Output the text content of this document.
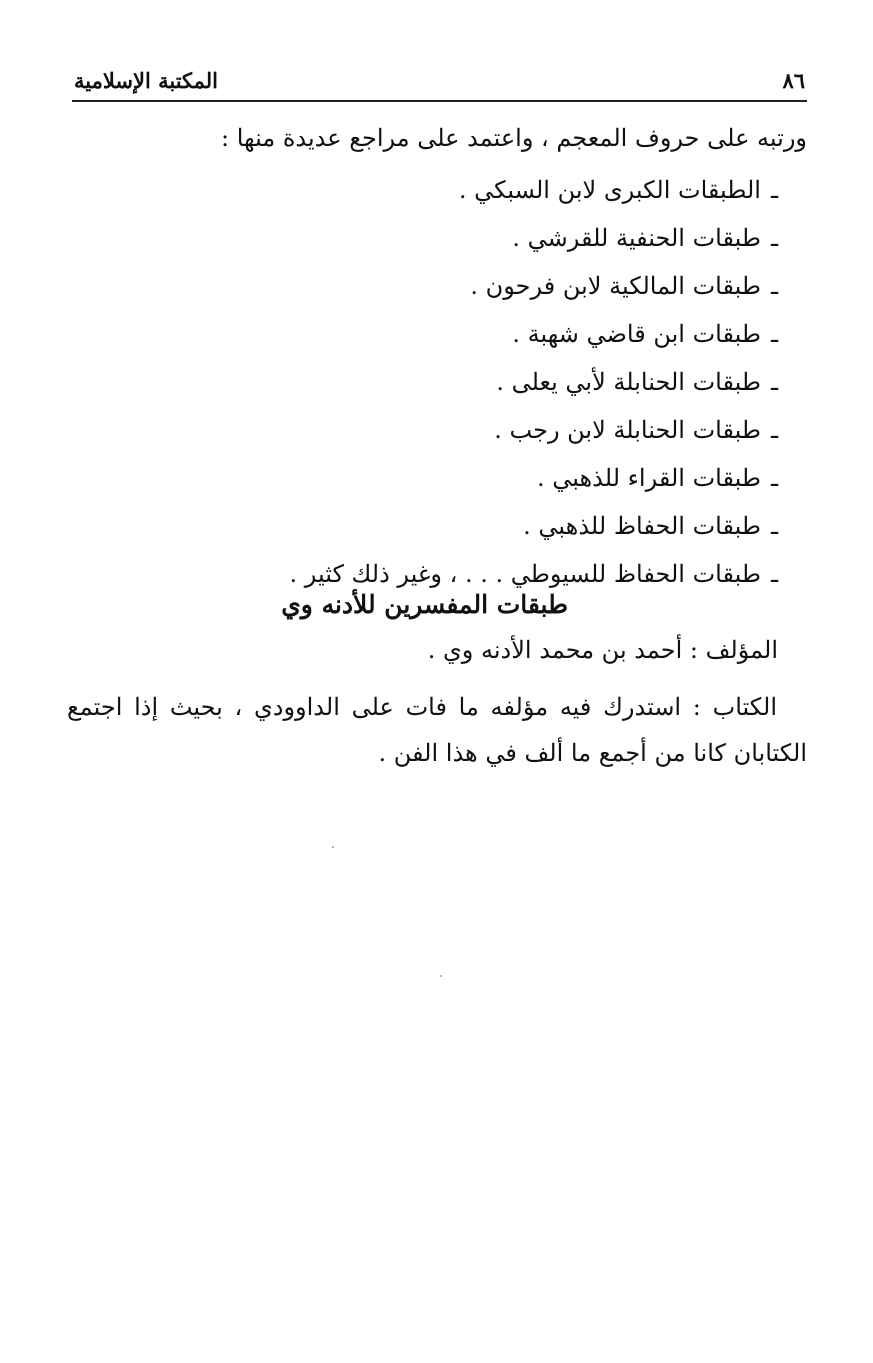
٨٦
المكتبة الإسلامية
ورتبه على حروف المعجم ، واعتمد على مراجع عديدة منها :
ـ
الطبقات الكبرى لابن السبكي .
ـ
طبقات الحنفية للقرشي .
ـ
طبقات المالكية لابن فرحون .
ـ
طبقات ابن قاضي شهبة .
ـ
طبقات الحنابلة لأبي يعلى .
ـ
طبقات الحنابلة لابن رجب .
ـ
طبقات القراء للذهبي .
ـ
طبقات الحفاظ للذهبي .
ـ
طبقات الحفاظ للسيوطي . . . ، وغير ذلك كثير .
طبقات المفسرين للأدنه وي
المؤلف : أحمد بن محمد الأدنه وي .
الكتاب : استدرك فيه مؤلفه ما فات على الداوودي ، بحيث إذا اجتمع الكتابان كانا من أجمع ما ألف في هذا الفن .
